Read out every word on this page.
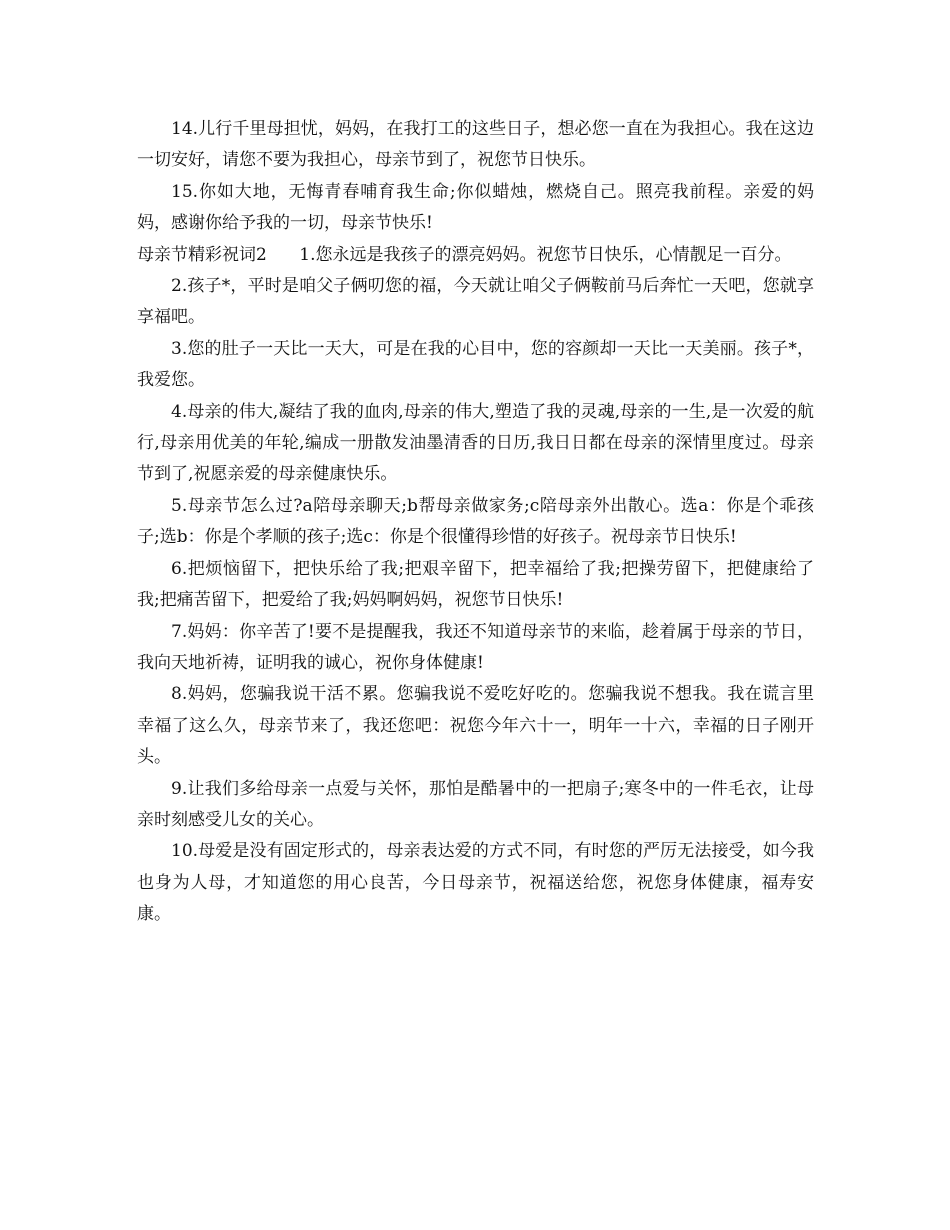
14.儿行千里母担忧，妈妈，在我打工的这些日子，想必您一直在为我担心。我在这边一切安好，请您不要为我担心，母亲节到了，祝您节日快乐。

15.你如大地，无悔青春哺育我生命;你似蜡烛，燃烧自己。照亮我前程。亲爱的妈妈，感谢你给予我的一切，母亲节快乐!

母亲节精彩祝词2 1.您永远是我孩子的漂亮妈妈。祝您节日快乐，心情靓足一百分。

2.孩子*，平时是咱父子俩叨您的福，今天就让咱父子俩鞍前马后奔忙一天吧，您就享享福吧。

3.您的肚子一天比一天大，可是在我的心目中，您的容颜却一天比一天美丽。孩子*，我爱您。

4.母亲的伟大,凝结了我的血肉,母亲的伟大,塑造了我的灵魂,母亲的一生,是一次爱的航行,母亲用优美的年轮,编成一册散发油墨清香的日历,我日日都在母亲的深情里度过。母亲节到了,祝愿亲爱的母亲健康快乐。

5.母亲节怎么过?a陪母亲聊天;b帮母亲做家务;c陪母亲外出散心。选a：你是个乖孩子;选b：你是个孝顺的孩子;选c：你是个很懂得珍惜的好孩子。祝母亲节日快乐!

6.把烦恼留下，把快乐给了我;把艰辛留下，把幸福给了我;把操劳留下，把健康给了我;把痛苦留下，把爱给了我;妈妈啊妈妈，祝您节日快乐!

7.妈妈：你辛苦了!要不是提醒我，我还不知道母亲节的来临，趁着属于母亲的节日，我向天地祈祷，证明我的诚心，祝你身体健康!

8.妈妈，您骗我说干活不累。您骗我说不爱吃好吃的。您骗我说不想我。我在谎言里幸福了这么久，母亲节来了，我还您吧：祝您今年六十一，明年一十六，幸福的日子刚开头。

9.让我们多给母亲一点爱与关怀，那怕是酷暑中的一把扇子;寒冬中的一件毛衣，让母亲时刻感受儿女的关心。

10.母爱是没有固定形式的，母亲表达爱的方式不同，有时您的严厉无法接受，如今我也身为人母，才知道您的用心良苦，今日母亲节，祝福送给您，祝您身体健康，福寿安康。
